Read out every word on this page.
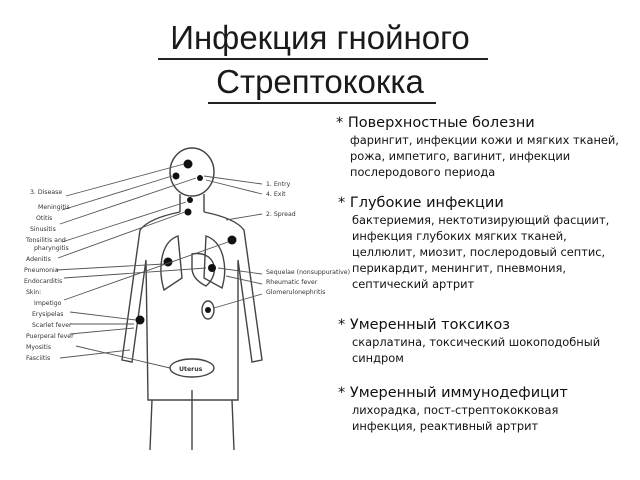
Инфекция гнойного
Стрептококка
3. Disease
Meningitis
Otitis
Sinusitis
Tonsilitis and
pharyngitis
Adenitis
Pneumonia
Endocarditis
Skin:
Impetigo
Erysipelas
Scarlet fever
Puerperal fever
Myositis
Fasciitis
1. Entry
4. Exit
2. Spread
Sequelae (nonsuppurative)
Rheumatic fever
Glomerulonephritis
Uterus
* Поверхностные болезни
фарингит, инфекции кожи и мягких тканей,
рожа, импетиго, вагинит, инфекции
послеродового периода
* Глубокие инфекции
бактериемия, нектотизирующий фасциит,
инфекция глубоких мягких тканей,
целлюлит, миозит, послеродовый септис,
перикардит, менингит, пневмония,
септический артрит
* Умеренный токсикоз
скарлатина, токсический шокоподобный
синдром
* Умеренный иммунодефицит
лихорадка, пост-стрептококковая
инфекция, реактивный артрит
